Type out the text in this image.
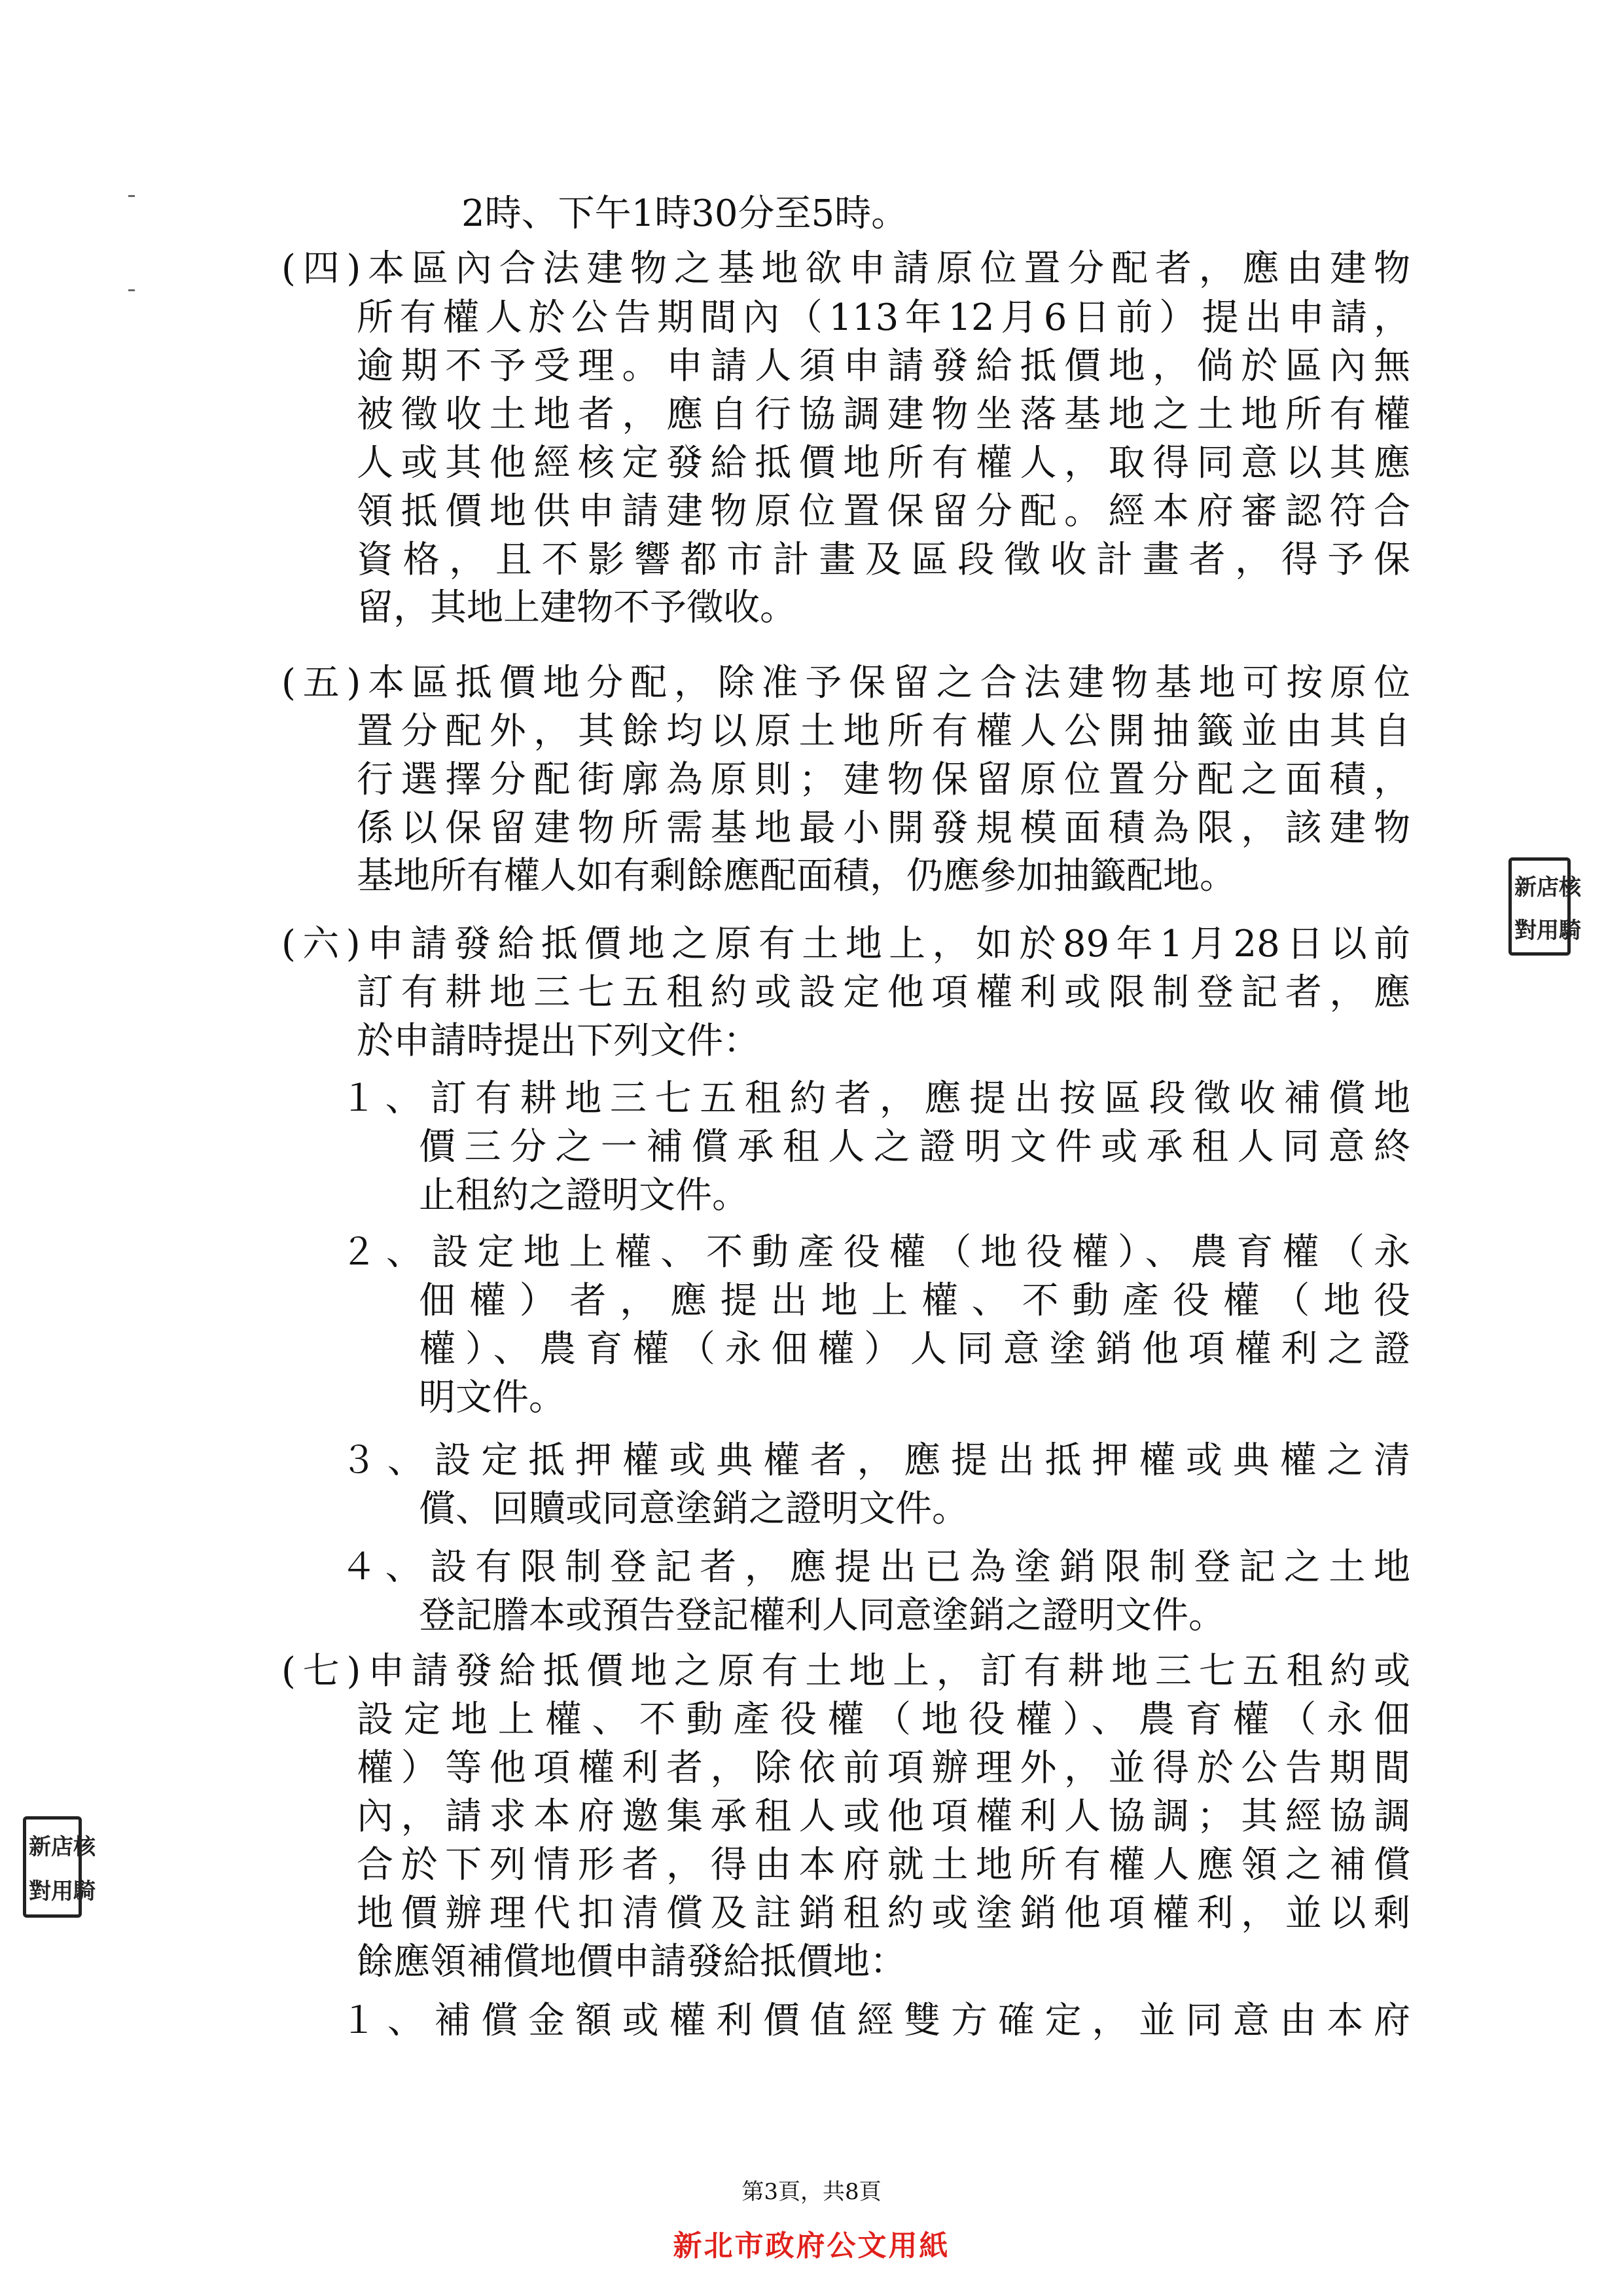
2時、下午1時30分至5時。
(四)本區內合法建物之基地欲申請原位置分配者，應由建物
所有權人於公告期間內（113年12月6日前）提出申請，
逾期不予受理。申請人須申請發給抵價地，倘於區內無
被徵收土地者，應自行協調建物坐落基地之土地所有權
人或其他經核定發給抵價地所有權人，取得同意以其應
領抵價地供申請建物原位置保留分配。經本府審認符合
資格，且不影響都市計畫及區段徵收計畫者，得予保
留，其地上建物不予徵收。
(五)本區抵價地分配，除准予保留之合法建物基地可按原位
置分配外，其餘均以原土地所有權人公開抽籤並由其自
行選擇分配街廓為原則；建物保留原位置分配之面積，
係以保留建物所需基地最小開發規模面積為限，該建物
基地所有權人如有剩餘應配面積，仍應參加抽籤配地。
(六)申請發給抵價地之原有土地上，如於89年1月28日以前
訂有耕地三七五租約或設定他項權利或限制登記者，應
於申請時提出下列文件：
１、訂有耕地三七五租約者，應提出按區段徵收補償地
價三分之一補償承租人之證明文件或承租人同意終
止租約之證明文件。
２、設定地上權、不動產役權（地役權）、農育權（永
佃權）者，應提出地上權、不動產役權（地役
權）、農育權（永佃權）人同意塗銷他項權利之證
明文件。
３、設定抵押權或典權者，應提出抵押權或典權之清
償、回贖或同意塗銷之證明文件。
４、設有限制登記者，應提出已為塗銷限制登記之土地
登記謄本或預告登記權利人同意塗銷之證明文件。
(七)申請發給抵價地之原有土地上，訂有耕地三七五租約或
設定地上權、不動產役權（地役權）、農育權（永佃
權）等他項權利者，除依前項辦理外，並得於公告期間
內，請求本府邀集承租人或他項權利人協調；其經協調
合於下列情形者，得由本府就土地所有權人應領之補償
地價辦理代扣清償及註銷租約或塗銷他項權利，並以剩
餘應領補償地價申請發給抵價地：
１、補償金額或權利價值經雙方確定，並同意由本府
新 店 核
對 用 騎
新 店 核
對 用 騎
第3頁，共8頁
新北市政府公文用紙
